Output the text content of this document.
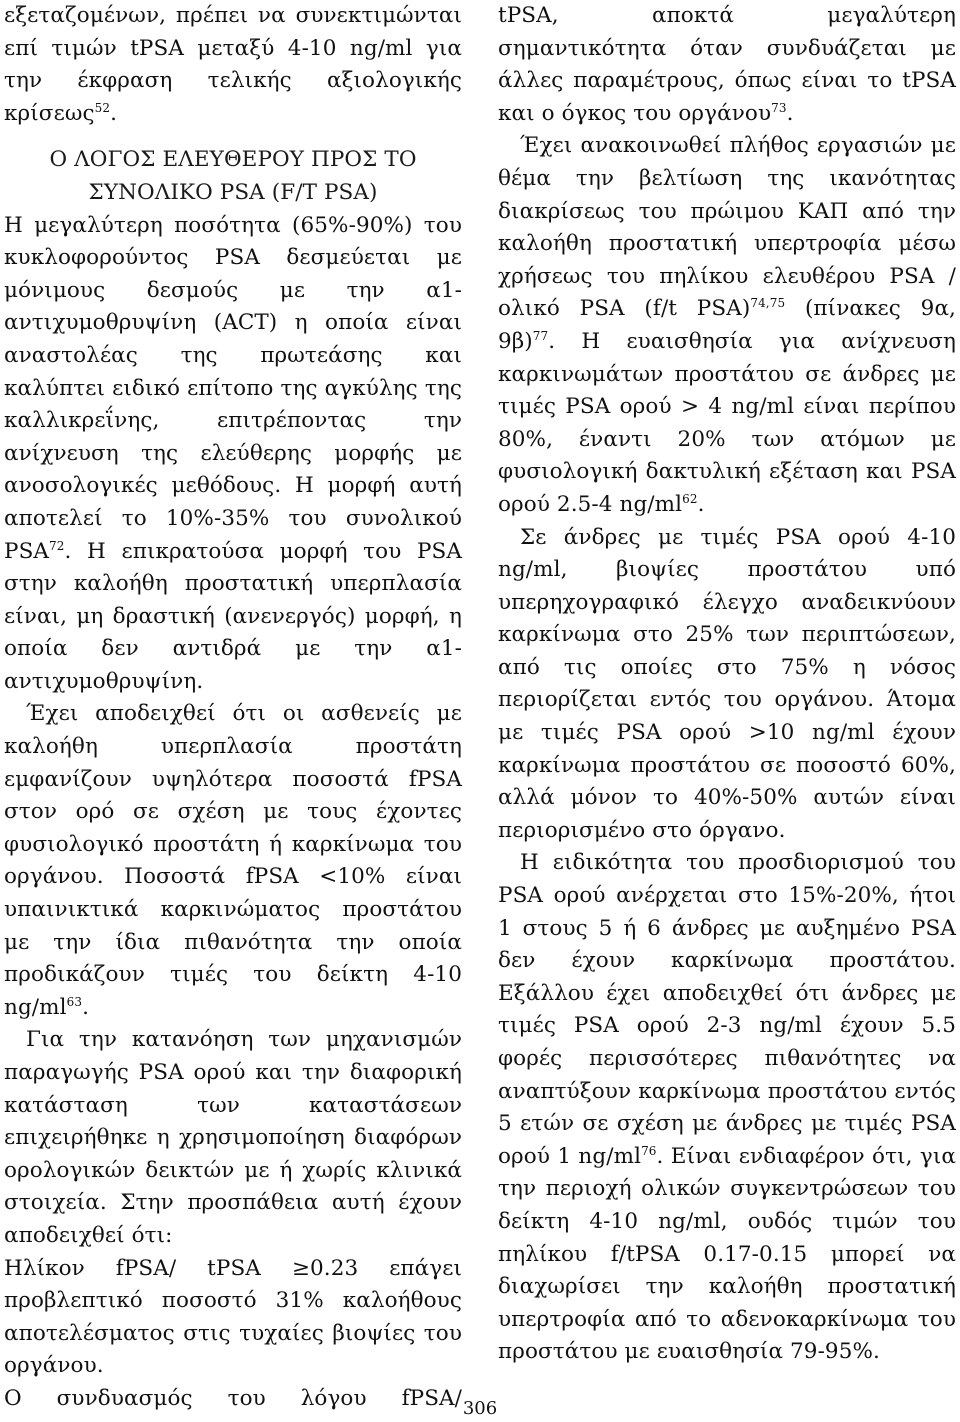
εξεταζομένων, πρέπει να συνεκτιμώνται επί τιμών tPSA μεταξύ 4-10 ng/ml για την έκφραση τελικής αξιολογικής κρίσεως$^{52}$.

Ο ΛΟΓΟΣ ΕΛΕΥΘΕΡΟΥ ΠΡΟΣ ΤΟ
ΣΥΝΟΛΙΚΟ PSA (F/T PSA)

Η μεγαλύτερη ποσότητα (65%-90%) του κυκλοφορούντος PSA δεσμεύεται με μόνιμους δεσμούς με την α1-αντιχυμοθρυψίνη (ACT) η οποία είναι αναστολέας της πρωτεάσης και καλύπτει ειδικό επίτοπο της αγκύλης της καλλικρεΐνης, επιτρέποντας την ανίχνευση της ελεύθερης μορφής με ανοσολογικές μεθόδους. Η μορφή αυτή αποτελεί το 10%-35% του συνολικού PSA$^{72}$. Η επικρατούσα μορφή του PSA στην καλοήθη προστατική υπερπλασία είναι, μη δραστική (ανενεργός) μορφή, η οποία δεν αντιδρά με την α1-αντιχυμοθρυψίνη.

Έχει αποδειχθεί ότι οι ασθενείς με καλοήθη υπερπλασία προστάτη εμφανίζουν υψηλότερα ποσοστά fPSA στον ορό σε σχέση με τους έχοντες φυσιολογικό προστάτη ή καρκίνωμα του οργάνου. Ποσοστά fPSA <10% είναι υπαινικτικά καρκινώματος προστάτου με την ίδια πιθανότητα την οποία προδικάζουν τιμές του δείκτη 4-10 $ng/ml^{63}$.

Για την κατανόηση των μηχανισμών παραγωγής PSA ορού και την διαφορική κατάσταση των καταστάσεων επιχειρήθηκε η χρησιμοποίηση διαφόρων ορολογικών δεικτών με ή χωρίς κλινικά στοιχεία. Στην προσπάθεια αυτή έχουν αποδειχθεί ότι:

Ηλίκον fPSA/ tPSA ≥0.23 επάγει προβλεπτικό ποσοστό 31% καλοήθους αποτελέσματος στις τυχαίες βιοψίες του οργάνου.

Ο συνδυασμός του λόγου fPSA/

tPSA, αποκτά μεγαλύτερη σημαντικότητα όταν συνδυάζεται με άλλες παραμέτρους, όπως είναι το tPSA και ο όγκος του οργάνου$^{73}$.

Έχει ανακοινωθεί πλήθος εργασιών με θέμα την βελτίωση της ικανότητας διακρίσεως του πρώιμου ΚΑΠ από την καλοήθη προστατική υπερτροφία μέσω χρήσεως του πηλίκου ελευθέρου PSA /ολικό PSA (f/t PSA)$^{74,75}$ (πίνακες 9α, 9β)$^{77}$. Η ευαισθησία για ανίχνευση καρκινωμάτων προστάτου σε άνδρες με τιμές PSA ορού > 4 ng/ml είναι περίπου 80%, έναντι 20% των ατόμων με φυσιολογική δακτυλική εξέταση και PSA ορού 2.5-4 $ng/ml^{62}$.

Σε άνδρες με τιμές PSA ορού 4-10 ng/ml, βιοψίες προστάτου υπό υπερηχογραφικό έλεγχο αναδεικνύουν καρκίνωμα στο 25% των περιπτώσεων, από τις οποίες στο 75% η νόσος περιορίζεται εντός του οργάνου. Άτομα με τιμές PSA ορού >10 ng/ml έχουν καρκίνωμα προστάτου σε ποσοστό 60%, αλλά μόνον το 40%-50% αυτών είναι περιορισμένο στο όργανο.

Η ειδικότητα του προσδιορισμού του PSA ορού ανέρχεται στο 15%-20%, ήτοι 1 στους 5 ή 6 άνδρες με αυξημένο PSA δεν έχουν καρκίνωμα προστάτου. Εξάλλου έχει αποδειχθεί ότι άνδρες με τιμές PSA ορού 2-3 ng/ml έχουν 5.5 φορές περισσότερες πιθανότητες να αναπτύξουν καρκίνωμα προστάτου εντός 5 ετών σε σχέση με άνδρες με τιμές PSA ορού 1 $ng/ml^{76}$. Είναι ενδιαφέρον ότι, για την περιοχή ολικών συγκεντρώσεων του δείκτη 4-10 ng/ml, ουδός τιμών του πηλίκου f/tPSA 0.17-0.15 μπορεί να διαχωρίσει την καλοήθη προστατική υπερτροφία από το αδενοκαρκίνωμα του προστάτου με ευαισθησία 79-95%.

306
